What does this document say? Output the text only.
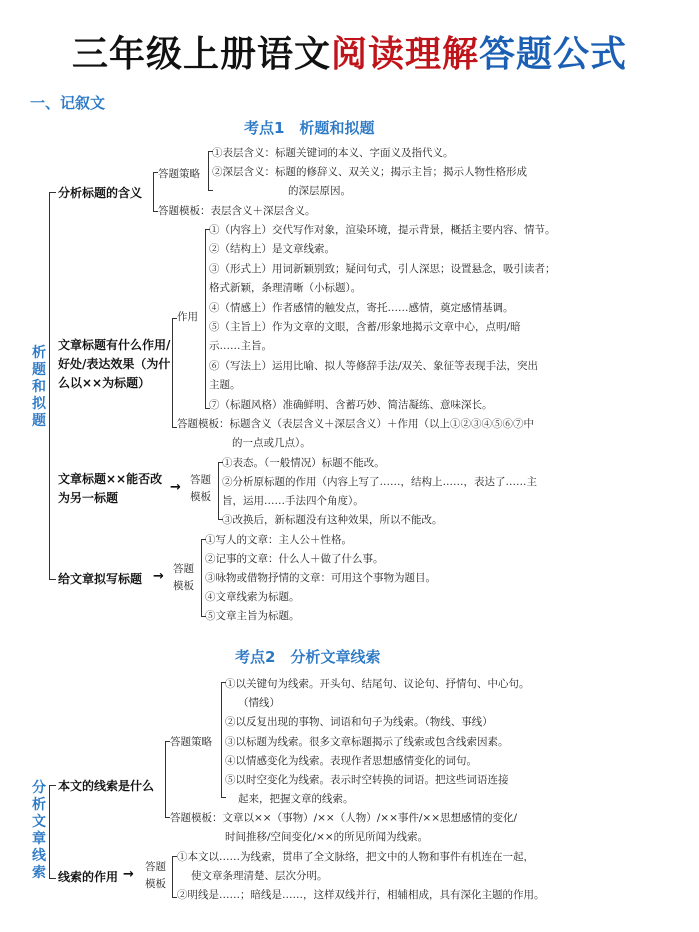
三年级上册语文阅读理解答题公式
一、记叙文
考点1　析题和拟题
析题和拟题
分析标题的含义
答题策略
①表层含义：标题关键词的本义、字面义及指代义。
②深层含义：标题的修辞义、双关义；揭示主旨；揭示人物性格形成
的深层原因。
答题模板：表层含义＋深层含义。
文章标题有什么作用/好处/表达效果（为什么以××为标题）
作用
①（内容上）交代写作对象，渲染环境，提示背景，概括主要内容、情节。
②（结构上）是文章线索。
③（形式上）用词新颖别致；疑问句式，引人深思；设置悬念，吸引读者；
格式新颖，条理清晰（小标题）。
④（情感上）作者感情的触发点，寄托……感情，奠定感情基调。
⑤（主旨上）作为文章的文眼，含蓄/形象地揭示文章中心，点明/暗
示……主旨。
⑥（写法上）运用比喻、拟人等修辞手法/双关、象征等表现手法，突出
主题。
⑦（标题风格）准确鲜明、含蓄巧妙、简洁凝练、意味深长。
答题模板：标题含义（表层含义＋深层含义）＋作用（以上①②③④⑤⑥⑦中
的一点或几点）。
文章标题××能否改为另一标题
→ 答题
模板
①表态。（一般情况）标题不能改。
②分析原标题的作用（内容上写了……，结构上……，表达了……主
旨，运用……手法四个角度）。
③改换后，新标题没有这种效果，所以不能改。
给文章拟写标题 → 答题
模板
①写人的文章：主人公＋性格。
②记事的文章：什么人＋做了什么事。
③咏物或借物抒情的文章：可用这个事物为题目。
④文章线索为标题。
⑤文章主旨为标题。
考点2　分析文章线索
分析文章线索
本文的线索是什么
答题策略
①以关键句为线索。开头句、结尾句、议论句、抒情句、中心句。
（情线）
②以反复出现的事物、词语和句子为线索。（物线、事线）
③以标题为线索。很多文章标题揭示了线索或包含线索因素。
④以情感变化为线索。表现作者思想感情变化的词句。
⑤以时空变化为线索。表示时空转换的词语。把这些词语连接
起来，把握文章的线索。
答题模板：文章以××（事物）/××（人物）/××事件/××思想感情的变化/
时间推移/空间变化/××的所见所闻为线索。
线索的作用 → 答题
模板
①本文以……为线索，贯串了全文脉络，把文中的人物和事件有机连在一起，
使文章条理清楚、层次分明。
②明线是……；暗线是……，这样双线并行，相辅相成，具有深化主题的作用。
